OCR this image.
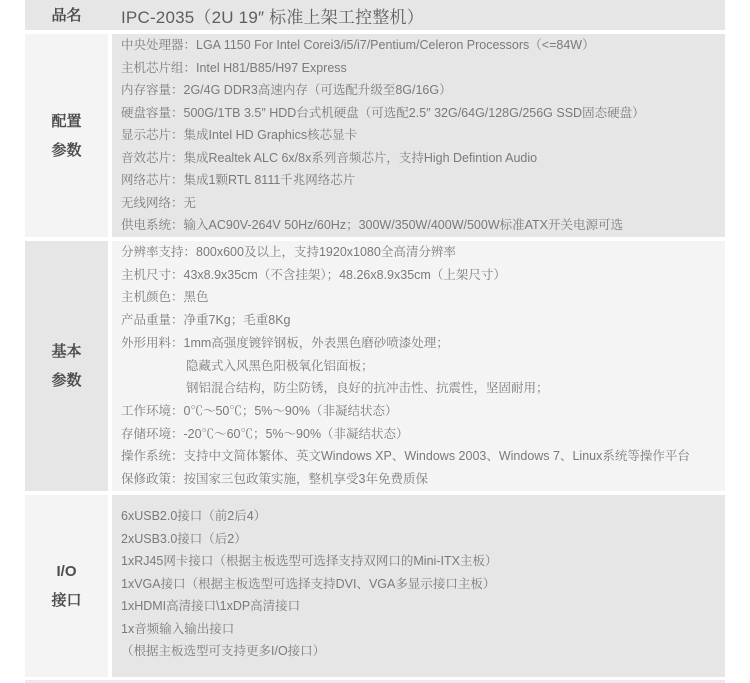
品名 IPC-2035（2U 19″ 标准上架工控整机）
配置
参数
中央处理器：LGA 1150 For Intel Corei3/i5/i7/Pentium/Celeron Processors（<=84W）
主机芯片组：Intel H81/B85/H97 Express
内存容量：2G/4G DDR3高速内存（可选配升级至8G/16G）
硬盘容量：500G/1TB 3.5″ HDD台式机硬盘（可选配2.5″ 32G/64G/128G/256G SSD固态硬盘）
显示芯片：集成Intel HD Graphics核芯显卡
音效芯片：集成Realtek ALC 6x/8x系列音频芯片，支持High Defintion Audio
网络芯片：集成1颗RTL 8111千兆网络芯片
无线网络：无
供电系统：输入AC90V-264V 50Hz/60Hz；300W/350W/400W/500W标准ATX开关电源可选
基本
参数
分辨率支持：800x600及以上，支持1920x1080全高清分辨率
主机尺寸：43x8.9x35cm（不含挂架）；48.26x8.9x35cm（上架尺寸）
主机颜色：黑色
产品重量：净重7Kg；毛重8Kg
外形用料：1mm高强度镀锌钢板，外表黑色磨砂喷漆处理；
隐藏式入风黑色阳极氧化铝面板；
钢铝混合结构，防尘防锈，良好的抗冲击性、抗震性，坚固耐用；
工作环境：0℃～50℃；5%～90%（非凝结状态）
存储环境：-20℃～60℃；5%～90%（非凝结状态）
操作系统：支持中文简体繁体、英文Windows XP、Windows 2003、Windows 7、Linux系统等操作平台
保修政策：按国家三包政策实施，整机享受3年免费质保
I/O
接口
6xUSB2.0接口（前2后4）
2xUSB3.0接口（后2）
1xRJ45网卡接口（根据主板选型可选择支持双网口的Mini-ITX主板）
1xVGA接口（根据主板选型可选择支持DVI、VGA多显示接口主板）
1xHDMI高清接口\1xDP高清接口
1x音频输入输出接口
（根据主板选型可支持更多I/O接口）
